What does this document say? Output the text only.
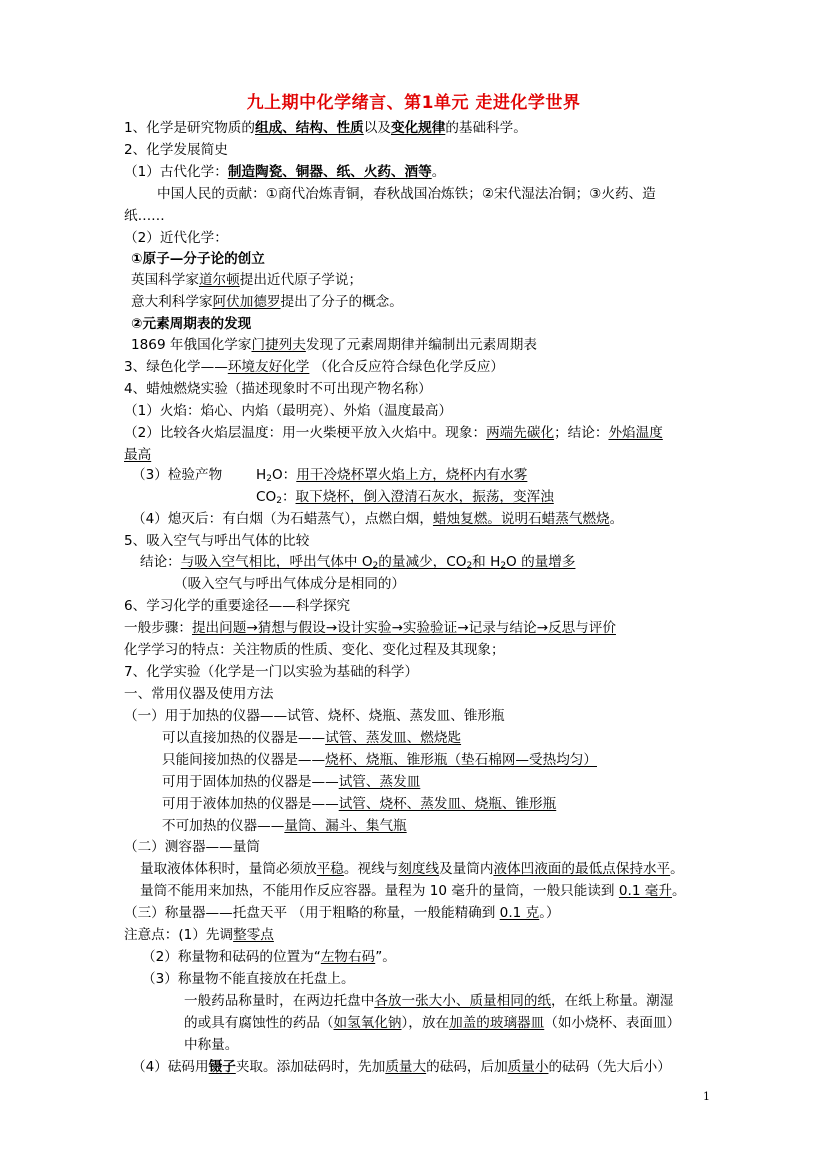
九上期中化学绪言、第1单元 走进化学世界
1、化学是研究物质的组成、结构、性质以及变化规律的基础科学。
2、化学发展简史
（1）古代化学：制造陶瓷、铜器、纸、火药、酒等。
中国人民的贡献：①商代冶炼青铜，春秋战国冶炼铁；②宋代湿法冶铜；③火药、造
纸……
（2）近代化学：
①原子—分子论的创立
英国科学家道尔顿提出近代原子学说；
意大利科学家阿伏加德罗提出了分子的概念。
②元素周期表的发现
1869 年俄国化学家门捷列夫发现了元素周期律并编制出元素周期表
3、绿色化学——环境友好化学 （化合反应符合绿色化学反应）
4、蜡烛燃烧实验（描述现象时不可出现产物名称）
（1）火焰：焰心、内焰（最明亮）、外焰（温度最高）
（2）比较各火焰层温度：用一火柴梗平放入火焰中。现象：两端先碳化；结论：外焰温度
最高
（3）检验产物 $H_2O$：用干冷烧杯罩火焰上方，烧杯内有水雾
$CO_2$：取下烧杯，倒入澄清石灰水，振荡，变浑浊
（4）熄灭后：有白烟（为石蜡蒸气），点燃白烟，蜡烛复燃。说明石蜡蒸气燃烧。
5、吸入空气与呼出气体的比较
结论：与吸入空气相比，呼出气体中 $O_2$的量减少，$CO_2$和 $H_2O$ 的量增多
（吸入空气与呼出气体成分是相同的）
6、学习化学的重要途径——科学探究
一般步骤：提出问题→猜想与假设→设计实验→实验验证→记录与结论→反思与评价
化学学习的特点：关注物质的性质、变化、变化过程及其现象；
7、化学实验（化学是一门以实验为基础的科学）
一、常用仪器及使用方法
（一）用于加热的仪器——试管、烧杯、烧瓶、蒸发皿、锥形瓶
可以直接加热的仪器是——试管、蒸发皿、燃烧匙
只能间接加热的仪器是——烧杯、烧瓶、锥形瓶（垫石棉网—受热均匀）
可用于固体加热的仪器是——试管、蒸发皿
可用于液体加热的仪器是——试管、烧杯、蒸发皿、烧瓶、锥形瓶
不可加热的仪器——量筒、漏斗、集气瓶
（二）测容器——量筒
量取液体体积时，量筒必须放平稳。视线与刻度线及量筒内液体凹液面的最低点保持水平。
量筒不能用来加热，不能用作反应容器。量程为 10 毫升的量筒，一般只能读到 0.1 毫升。
（三）称量器——托盘天平 （用于粗略的称量，一般能精确到 0.1 克。）
注意点：(1）先调整零点
（2）称量物和砝码的位置为“左物右码”。
（3）称量物不能直接放在托盘上。
一般药品称量时，在两边托盘中各放一张大小、质量相同的纸，在纸上称量。潮湿
的或具有腐蚀性的药品（如氢氧化钠），放在加盖的玻璃器皿（如小烧杯、表面皿）
中称量。
（4）砝码用镊子夹取。添加砝码时，先加质量大的砝码，后加质量小的砝码（先大后小）
1
